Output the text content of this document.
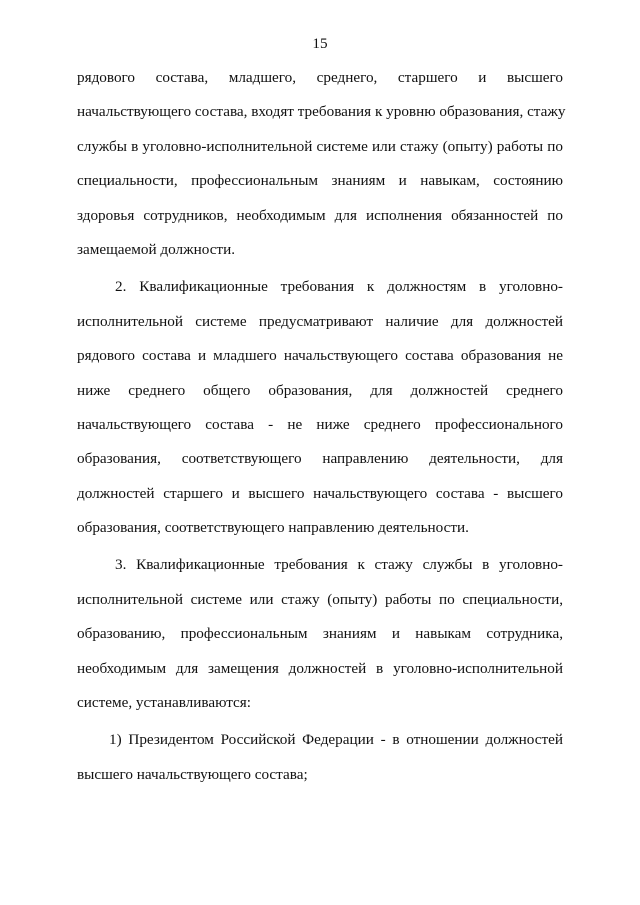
15
рядового состава, младшего, среднего, старшего и высшего
начальствующего состава, входят требования к уровню образования, стажу
службы в уголовно-исполнительной системе или стажу (опыту) работы по
специальности, профессиональным знаниям и навыкам, состоянию
здоровья сотрудников, необходимым для исполнения обязанностей по
замещаемой должности.
2. Квалификационные требования к должностям в уголовно-
исполнительной системе предусматривают наличие для должностей
рядового состава и младшего начальствующего состава образования не
ниже среднего общего образования, для должностей среднего
начальствующего состава - не ниже среднего профессионального
образования, соответствующего направлению деятельности, для
должностей старшего и высшего начальствующего состава - высшего
образования, соответствующего направлению деятельности.
3. Квалификационные требования к стажу службы в уголовно-
исполнительной системе или стажу (опыту) работы по специальности,
образованию, профессиональным знаниям и навыкам сотрудника,
необходимым для замещения должностей в уголовно-исполнительной
системе, устанавливаются:
1) Президентом Российской Федерации - в отношении должностей
высшего начальствующего состава;
